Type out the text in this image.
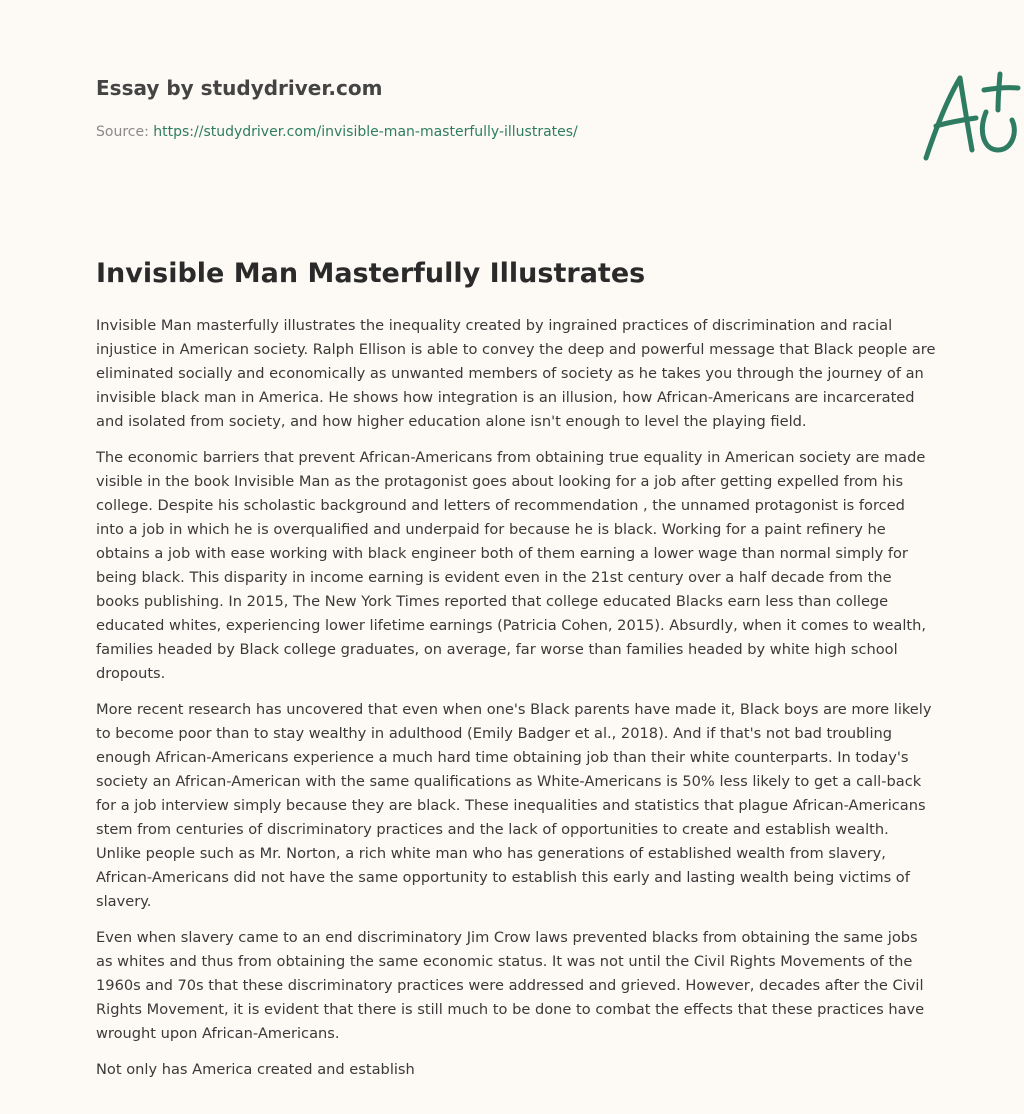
Essay by studydriver.com
Source: https://studydriver.com/invisible-man-masterfully-illustrates/
Invisible Man Masterfully Illustrates

Invisible Man masterfully illustrates the inequality created by ingrained practices of discrimination and racial injustice in American society. Ralph Ellison is able to convey the deep and powerful message that Black people are eliminated socially and economically as unwanted members of society as he takes you through the journey of an invisible black man in America. He shows how integration is an illusion, how African-Americans are incarcerated and isolated from society, and how higher education alone isn't enough to level the playing field.

The economic barriers that prevent African-Americans from obtaining true equality in American society are made visible in the book Invisible Man as the protagonist goes about looking for a job after getting expelled from his college. Despite his scholastic background and letters of recommendation , the unnamed protagonist is forced into a job in which he is overqualified and underpaid for because he is black. Working for a paint refinery he obtains a job with ease working with black engineer both of them earning a lower wage than normal simply for being black. This disparity in income earning is evident even in the 21st century over a half decade from the books publishing. In 2015, The New York Times reported that college educated Blacks earn less than college educated whites, experiencing lower lifetime earnings (Patricia Cohen, 2015). Absurdly, when it comes to wealth, families headed by Black college graduates, on average, far worse than families headed by white high school dropouts.

More recent research has uncovered that even when one's Black parents have made it, Black boys are more likely to become poor than to stay wealthy in adulthood (Emily Badger et al., 2018). And if that's not bad troubling enough African-Americans experience a much hard time obtaining job than their white counterparts. In today's society an African-American with the same qualifications as White-Americans is 50% less likely to get a call-back for a job interview simply because they are black. These inequalities and statistics that plague African-Americans stem from centuries of discriminatory practices and the lack of opportunities to create and establish wealth. Unlike people such as Mr. Norton, a rich white man who has generations of established wealth from slavery, African-Americans did not have the same opportunity to establish this early and lasting wealth being victims of slavery.

Even when slavery came to an end discriminatory Jim Crow laws prevented blacks from obtaining the same jobs as whites and thus from obtaining the same economic status. It was not until the Civil Rights Movements of the 1960s and 70s that these discriminatory practices were addressed and grieved. However, decades after the Civil Rights Movement, it is evident that there is still much to be done to combat the effects that these practices have wrought upon African-Americans.

Not only has America created and establish
